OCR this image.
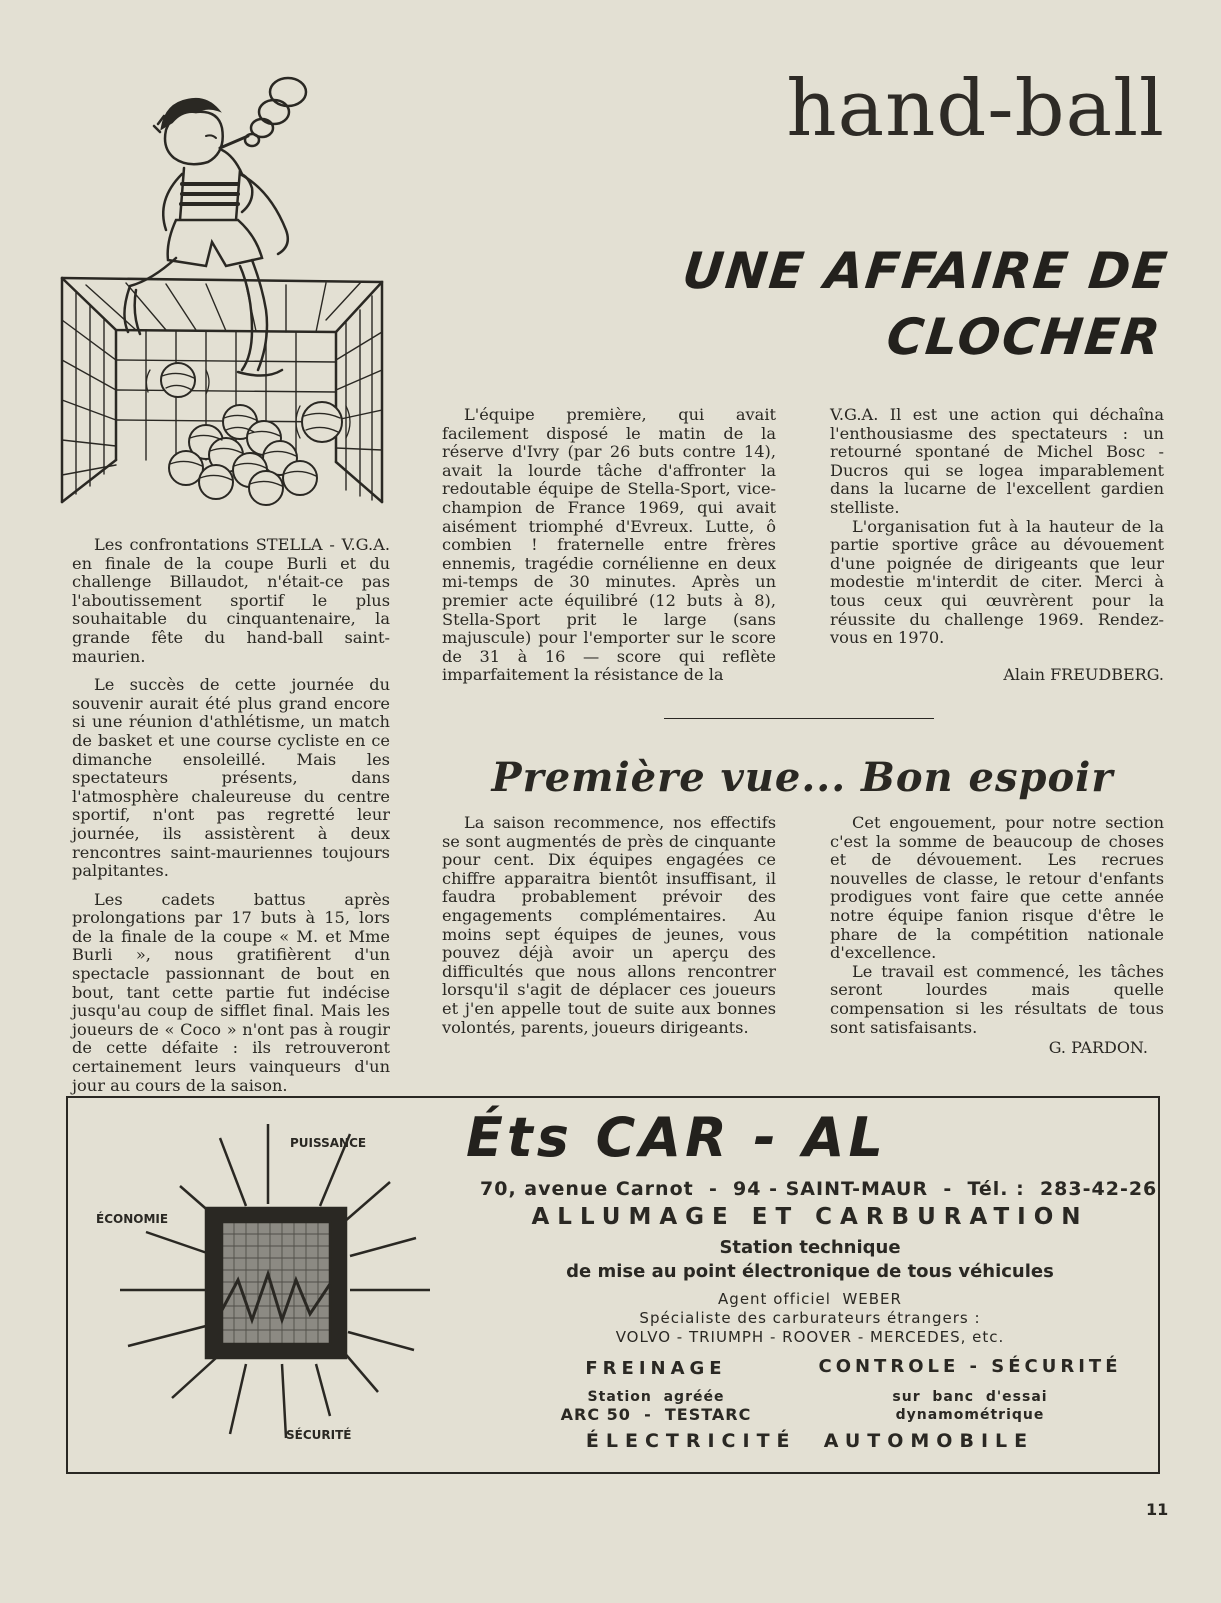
hand-ball
UNE AFFAIRE DE CLOCHER

Les confrontations STELLA - V.G.A. en finale de la coupe Burli et du challenge Billaudot, n'était-ce pas l'aboutissement sportif le plus souhaitable du cinquantenaire, la grande fête du hand-ball saint-maurien.

Le succès de cette journée du souvenir aurait été plus grand encore si une réunion d'athlétisme, un match de basket et une course cycliste en ce dimanche ensoleillé. Mais les spectateurs présents, dans l'atmosphère chaleureuse du centre sportif, n'ont pas regretté leur journée, ils assistèrent à deux rencontres saint-mauriennes toujours palpitantes.

Les cadets battus après prolongations par 17 buts à 15, lors de la finale de la coupe « M. et Mme Burli », nous gratifièrent d'un spectacle passionnant de bout en bout, tant cette partie fut indécise jusqu'au coup de sifflet final. Mais les joueurs de « Coco » n'ont pas à rougir de cette défaite : ils retrouveront certainement leurs vainqueurs d'un jour au cours de la saison.

L'équipe première, qui avait facilement disposé le matin de la réserve d'Ivry (par 26 buts contre 14), avait la lourde tâche d'affronter la redoutable équipe de Stella-Sport, vice-champion de France 1969, qui avait aisément triomphé d'Evreux. Lutte, ô combien ! fraternelle entre frères ennemis, tragédie cornélienne en deux mi-temps de 30 minutes. Après un premier acte équilibré (12 buts à 8), Stella-Sport prit le large (sans majuscule) pour l'emporter sur le score de 31 à 16 — score qui reflète imparfaitement la résistance de la

V.G.A. Il est une action qui déchaîna l'enthousiasme des spectateurs : un retourné spontané de Michel Bosc - Ducros qui se logea imparablement dans la lucarne de l'excellent gardien stelliste.

L'organisation fut à la hauteur de la partie sportive grâce au dévouement d'une poignée de dirigeants que leur modestie m'interdit de citer. Merci à tous ceux qui œuvrèrent pour la réussite du challenge 1969. Rendez-vous en 1970.

Alain FREUDBERG.
Première vue... Bon espoir

La saison recommence, nos effectifs se sont augmentés de près de cinquante pour cent. Dix équipes engagées ce chiffre apparaitra bientôt insuffisant, il faudra probablement prévoir des engagements complémentaires. Au moins sept équipes de jeunes, vous pouvez déjà avoir un aperçu des difficultés que nous allons rencontrer lorsqu'il s'agit de déplacer ces joueurs et j'en appelle tout de suite aux bonnes volontés, parents, joueurs dirigeants.

Cet engouement, pour notre section c'est la somme de beaucoup de choses et de dévouement. Les recrues nouvelles de classe, le retour d'enfants prodigues vont faire que cette année notre équipe fanion risque d'être le phare de la compétition nationale d'excellence.

Le travail est commencé, les tâches seront lourdes mais quelle compensation si les résultats de tous sont satisfaisants.

G. PARDON.
PUISSANCE
ÉCONOMIE
SÉCURITÉ
Éts CAR - AL
70, avenue Carnot  -  94 - SAINT-MAUR  -  Tél. :  283-42-26
ALLUMAGE ET CARBURATION
Station technique
de mise au point électronique de tous véhicules
Agent officiel  WEBER
Spécialiste des carburateurs étrangers :
VOLVO - TRIUMPH - ROOVER - MERCEDES, etc.
FREINAGE
Station  agréée
ARC 50  -  TESTARC
CONTROLE - SÉCURITÉ
sur  banc  d'essai
dynamométrique
ÉLECTRICITÉ  AUTOMOBILE
11
